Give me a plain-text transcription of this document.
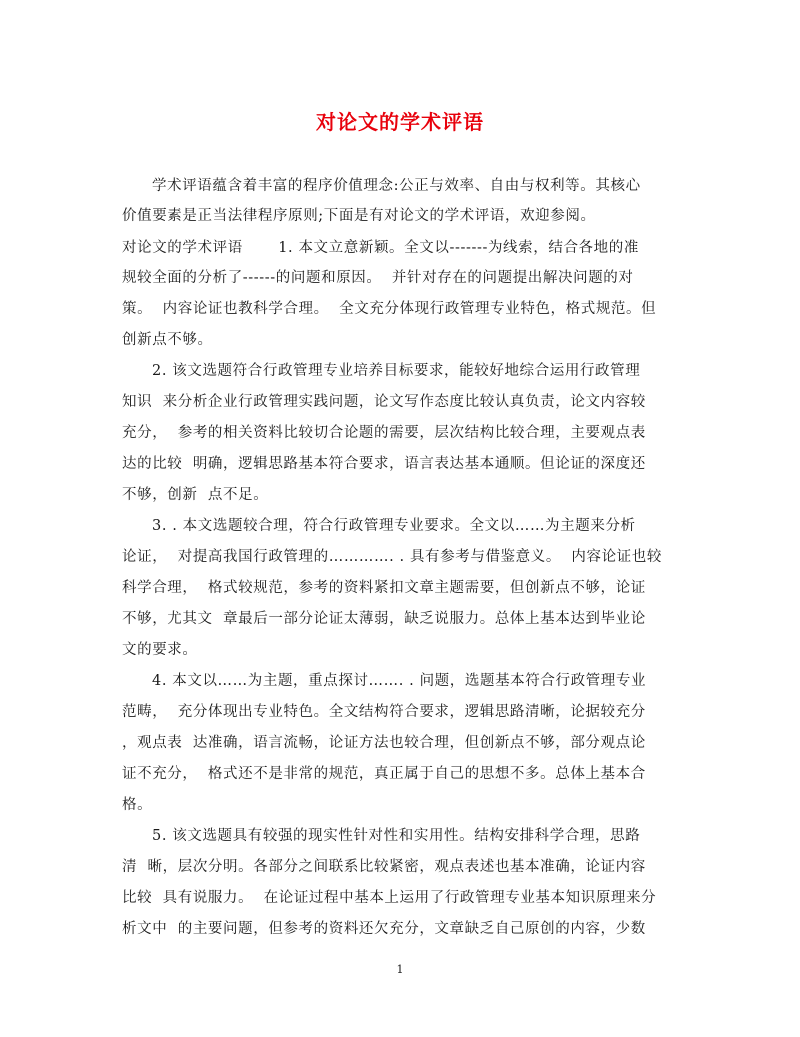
对论文的学术评语
学术评语蕴含着丰富的程序价值理念:公正与效率、自由与权利等。其核心
价值要素是正当法律程序原则;下面是有对论文的学术评语，欢迎参阅。
对论文的学术评语　　 1. 本文立意新颖。全文以-------为线索，结合各地的准
规较全面的分析了------的问题和原因。  并针对存在的问题提出解决问题的对
策。  内容论证也教科学合理。  全文充分体现行政管理专业特色，格式规范。但
创新点不够。
2. 该文选题符合行政管理专业培养目标要求，能较好地综合运用行政管理
知识  来分析企业行政管理实践问题，论文写作态度比较认真负责，论文内容较
充分，  参考的相关资料比较切合论题的需要，层次结构比较合理，主要观点表
达的比较  明确，逻辑思路基本符合要求，语言表达基本通顺。但论证的深度还
不够，创新  点不足。
3. . 本文选题较合理，符合行政管理专业要求。全文以……为主题来分析
论证，  对提高我国行政管理的…………. . 具有参考与借鉴意义。  内容论证也较
科学合理，  格式较规范，参考的资料紧扣文章主题需要，但创新点不够，论证
不够，尤其文  章最后一部分论证太薄弱，缺乏说服力。总体上基本达到毕业论
文的要求。
4. 本文以……为主题，重点探讨……. . 问题，选题基本符合行政管理专业
范畴，  充分体现出专业特色。全文结构符合要求，逻辑思路清晰，论据较充分
，观点表  达准确，语言流畅，论证方法也较合理，但创新点不够，部分观点论
证不充分，  格式还不是非常的规范，真正属于自己的思想不多。总体上基本合
格。
5. 该文选题具有较强的现实性针对性和实用性。结构安排科学合理，思路
清  晰，层次分明。各部分之间联系比较紧密，观点表述也基本准确，论证内容
比较  具有说服力。  在论证过程中基本上运用了行政管理专业基本知识原理来分
析文中  的主要问题，但参考的资料还欠充分，文章缺乏自己原创的内容，少数
1
